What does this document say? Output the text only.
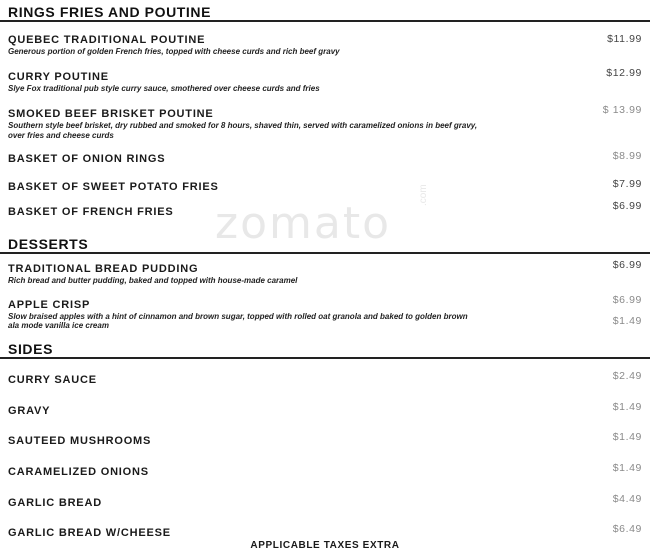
zomato
.com
RINGS FRIES AND POUTINE
QUEBEC TRADITIONAL POUTINE
Generous portion of golden French fries, topped with cheese curds and rich beef gravy
$11.99
CURRY POUTINE
Slye Fox traditional pub style curry sauce, smothered over cheese curds and fries
$12.99
SMOKED BEEF BRISKET POUTINE
Southern style beef brisket, dry rubbed and smoked for 8 hours, shaved thin, served with caramelized onions in beef gravy,
over fries and cheese curds
$ 13.99
BASKET OF ONION RINGS	$8.99
BASKET OF SWEET POTATO FRIES	$7.99
BASKET OF FRENCH FRIES	$6.99
DESSERTS
TRADITIONAL BREAD PUDDING
Rich bread and butter pudding, baked and topped with house-made caramel
$6.99
APPLE CRISP
Slow braised apples with a hint of cinnamon and brown sugar, topped with rolled oat granola and baked to golden brown
ala mode vanilla ice cream
$6.99
$1.49
SIDES
CURRY SAUCE	$2.49
GRAVY	$1.49
SAUTEED MUSHROOMS	$1.49
CARAMELIZED ONIONS	$1.49
GARLIC BREAD	$4.49
GARLIC BREAD W/CHEESE	$6.49
APPLICABLE TAXES EXTRA
